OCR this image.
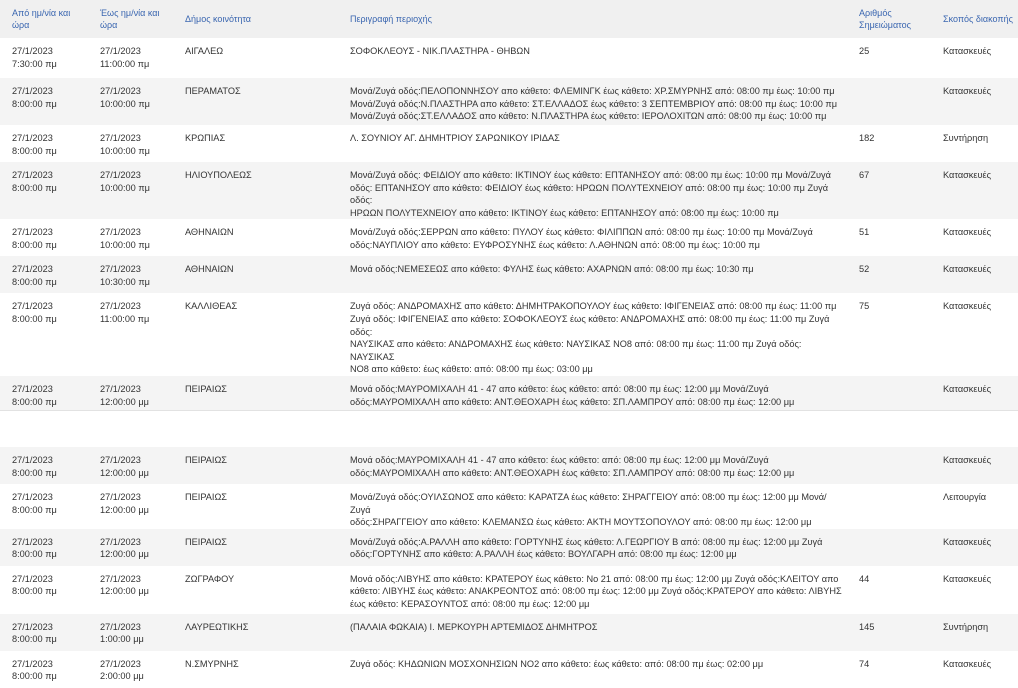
Από ημ/νία και ώρα	Έως ημ/νία και ώρα	Δήμος κοινότητα	Περιγραφή περιοχής	Αριθμός Σημειώματος	Σκοπός διακοπής
27/1/2023
7:30:00 πμ	27/1/2023
11:00:00 πμ	ΑΙΓΑΛΕΩ	ΣΟΦΟΚΛΕΟΥΣ - ΝΙΚ.ΠΛΑΣΤΗΡΑ - ΘΗΒΩΝ	25	Κατασκευές
27/1/2023
8:00:00 πμ	27/1/2023
10:00:00 πμ	ΠΕΡΑΜΑΤΟΣ	Μονά/Ζυγά οδός:ΠΕΛΟΠΟΝΝΗΣΟΥ απο κάθετο: ΦΛΕΜΙΝΓΚ έως κάθετο: ΧΡ.ΣΜΥΡΝΗΣ από: 08:00 πμ έως: 10:00 πμ
Μονά/Ζυγά οδός:Ν.ΠΛΑΣΤΗΡΑ απο κάθετο: ΣΤ.ΕΛΛΑΔΟΣ έως κάθετο: 3 ΣΕΠΤΕΜΒΡΙΟΥ από: 08:00 πμ έως: 10:00 πμ
Μονά/Ζυγά οδός:ΣΤ.ΕΛΛΑΔΟΣ απο κάθετο: Ν.ΠΛΑΣΤΗΡΑ έως κάθετο: ΙΕΡΟΛΟΧΙΤΩΝ από: 08:00 πμ έως: 10:00 πμ		Κατασκευές
27/1/2023
8:00:00 πμ	27/1/2023
10:00:00 πμ	ΚΡΩΠΙΑΣ	Λ. ΣΟΥΝΙΟΥ ΑΓ. ΔΗΜΗΤΡΙΟΥ ΣΑΡΩΝΙΚΟΥ ΙΡΙΔΑΣ	182	Συντήρηση
27/1/2023
8:00:00 πμ	27/1/2023
10:00:00 πμ	ΗΛΙΟΥΠΟΛΕΩΣ	Μονά/Ζυγά οδός: ΦΕΙΔΙΟΥ απο κάθετο: ΙΚΤΙΝΟΥ έως κάθετο: ΕΠΤΑΝΗΣΟΥ από: 08:00 πμ έως: 10:00 πμ Μονά/Ζυγά
οδός: ΕΠΤΑΝΗΣΟΥ απο κάθετο: ΦΕΙΔΙΟΥ έως κάθετο: ΗΡΩΩΝ ΠΟΛΥΤΕΧΝΕΙΟΥ από: 08:00 πμ έως: 10:00 πμ Ζυγά οδός:
ΗΡΩΩΝ ΠΟΛΥΤΕΧΝΕΙΟΥ απο κάθετο: ΙΚΤΙΝΟΥ έως κάθετο: ΕΠΤΑΝΗΣΟΥ από: 08:00 πμ έως: 10:00 πμ	67	Κατασκευές
27/1/2023
8:00:00 πμ	27/1/2023
10:00:00 πμ	ΑΘΗΝΑΙΩΝ	Μονά/Ζυγά οδός:ΣΕΡΡΩΝ απο κάθετο: ΠΥΛΟΥ έως κάθετο: ΦΙΛΙΠΠΩΝ από: 08:00 πμ έως: 10:00 πμ Μονά/Ζυγά
οδός:ΝΑΥΠΛΙΟΥ απο κάθετο: ΕΥΦΡΟΣΥΝΗΣ έως κάθετο: Λ.ΑΘΗΝΩΝ από: 08:00 πμ έως: 10:00 πμ	51	Κατασκευές
27/1/2023
8:00:00 πμ	27/1/2023
10:30:00 πμ	ΑΘΗΝΑΙΩΝ	Μονά οδός:ΝΕΜΕΣΕΩΣ απο κάθετο: ΦΥΛΗΣ έως κάθετο: ΑΧΑΡΝΩΝ από: 08:00 πμ έως: 10:30 πμ	52	Κατασκευές
27/1/2023
8:00:00 πμ	27/1/2023
11:00:00 πμ	ΚΑΛΛΙΘΕΑΣ	Ζυγά οδός: ΑΝΔΡΟΜΑΧΗΣ απο κάθετο: ΔΗΜΗΤΡΑΚΟΠΟΥΛΟΥ έως κάθετο: ΙΦΙΓΕΝΕΙΑΣ από: 08:00 πμ έως: 11:00 πμ
Ζυγά οδός: ΙΦΙΓΕΝΕΙΑΣ απο κάθετο: ΣΟΦΟΚΛΕΟΥΣ έως κάθετο: ΑΝΔΡΟΜΑΧΗΣ από: 08:00 πμ έως: 11:00 πμ Ζυγά οδός:
ΝΑΥΣΙΚΑΣ απο κάθετο: ΑΝΔΡΟΜΑΧΗΣ έως κάθετο: ΝΑΥΣΙΚΑΣ ΝΟ8 από: 08:00 πμ έως: 11:00 πμ Ζυγά οδός: ΝΑΥΣΙΚΑΣ
ΝΟ8 απο κάθετο: έως κάθετο: από: 08:00 πμ έως: 03:00 μμ	75	Κατασκευές
27/1/2023
8:00:00 πμ	27/1/2023
12:00:00 μμ	ΠΕΙΡΑΙΩΣ	Μονά οδός:ΜΑΥΡΟΜΙΧΑΛΗ 41 - 47 απο κάθετο: έως κάθετο: από: 08:00 πμ έως: 12:00 μμ Μονά/Ζυγά
οδός:ΜΑΥΡΟΜΙΧΑΛΗ απο κάθετο: ΑΝΤ.ΘΕΟΧΑΡΗ έως κάθετο: ΣΠ.ΛΑΜΠΡΟΥ από: 08:00 πμ έως: 12:00 μμ		Κατασκευές

27/1/2023
8:00:00 πμ	27/1/2023
12:00:00 μμ	ΠΕΙΡΑΙΩΣ	Μονά οδός:ΜΑΥΡΟΜΙΧΑΛΗ 41 - 47 απο κάθετο: έως κάθετο: από: 08:00 πμ έως: 12:00 μμ Μονά/Ζυγά
οδός:ΜΑΥΡΟΜΙΧΑΛΗ απο κάθετο: ΑΝΤ.ΘΕΟΧΑΡΗ έως κάθετο: ΣΠ.ΛΑΜΠΡΟΥ από: 08:00 πμ έως: 12:00 μμ		Κατασκευές
27/1/2023
8:00:00 πμ	27/1/2023
12:00:00 μμ	ΠΕΙΡΑΙΩΣ	Μονά/Ζυγά οδός:ΟΥΙΛΣΩΝΟΣ απο κάθετο: ΚΑΡΑΤΖΑ έως κάθετο: ΣΗΡΑΓΓΕΙΟΥ από: 08:00 πμ έως: 12:00 μμ Μονά/Ζυγά
οδός:ΣΗΡΑΓΓΕΙΟΥ απο κάθετο: ΚΛΕΜΑΝΣΩ έως κάθετο: ΑΚΤΗ ΜΟΥΤΣΟΠΟΥΛΟΥ από: 08:00 πμ έως: 12:00 μμ		Λειτουργία
27/1/2023
8:00:00 πμ	27/1/2023
12:00:00 μμ	ΠΕΙΡΑΙΩΣ	Μονά/Ζυγά οδός:Α.ΡΑΛΛΗ απο κάθετο: ΓΟΡΤΥΝΗΣ έως κάθετο: Λ.ΓΕΩΡΓΙΟΥ Β από: 08:00 πμ έως: 12:00 μμ Ζυγά
οδός:ΓΟΡΤΥΝΗΣ απο κάθετο: Α.ΡΑΛΛΗ έως κάθετο: ΒΟΥΛΓΑΡΗ από: 08:00 πμ έως: 12:00 μμ		Κατασκευές
27/1/2023
8:00:00 πμ	27/1/2023
12:00:00 μμ	ΖΩΓΡΑΦΟΥ	Μονά οδός:ΛΙΒΥΗΣ απο κάθετο: ΚΡΑΤΕΡΟΥ έως κάθετο: Νο 21 από: 08:00 πμ έως: 12:00 μμ Ζυγά οδός:ΚΛΕΙΤΟΥ απο
κάθετο: ΛΙΒΥΗΣ έως κάθετο: ΑΝΑΚΡΕΟΝΤΟΣ από: 08:00 πμ έως: 12:00 μμ Ζυγά οδός:ΚΡΑΤΕΡΟΥ απο κάθετο: ΛΙΒΥΗΣ
έως κάθετο: ΚΕΡΑΣΟΥΝΤΟΣ από: 08:00 πμ έως: 12:00 μμ	44	Κατασκευές
27/1/2023
8:00:00 πμ	27/1/2023
1:00:00 μμ	ΛΑΥΡΕΩΤΙΚΗΣ	(ΠΑΛΑΙΑ ΦΩΚΑΙΑ) Ι. ΜΕΡΚΟΥΡΗ ΑΡΤΕΜΙΔΟΣ ΔΗΜΗΤΡΟΣ	145	Συντήρηση
27/1/2023
8:00:00 πμ	27/1/2023
2:00:00 μμ	Ν.ΣΜΥΡΝΗΣ	Ζυγά οδός: ΚΗΔΩΝΙΩΝ ΜΟΣΧΟΝΗΣΙΩΝ ΝΟ2 απο κάθετο: έως κάθετο: από: 08:00 πμ έως: 02:00 μμ	74	Κατασκευές
